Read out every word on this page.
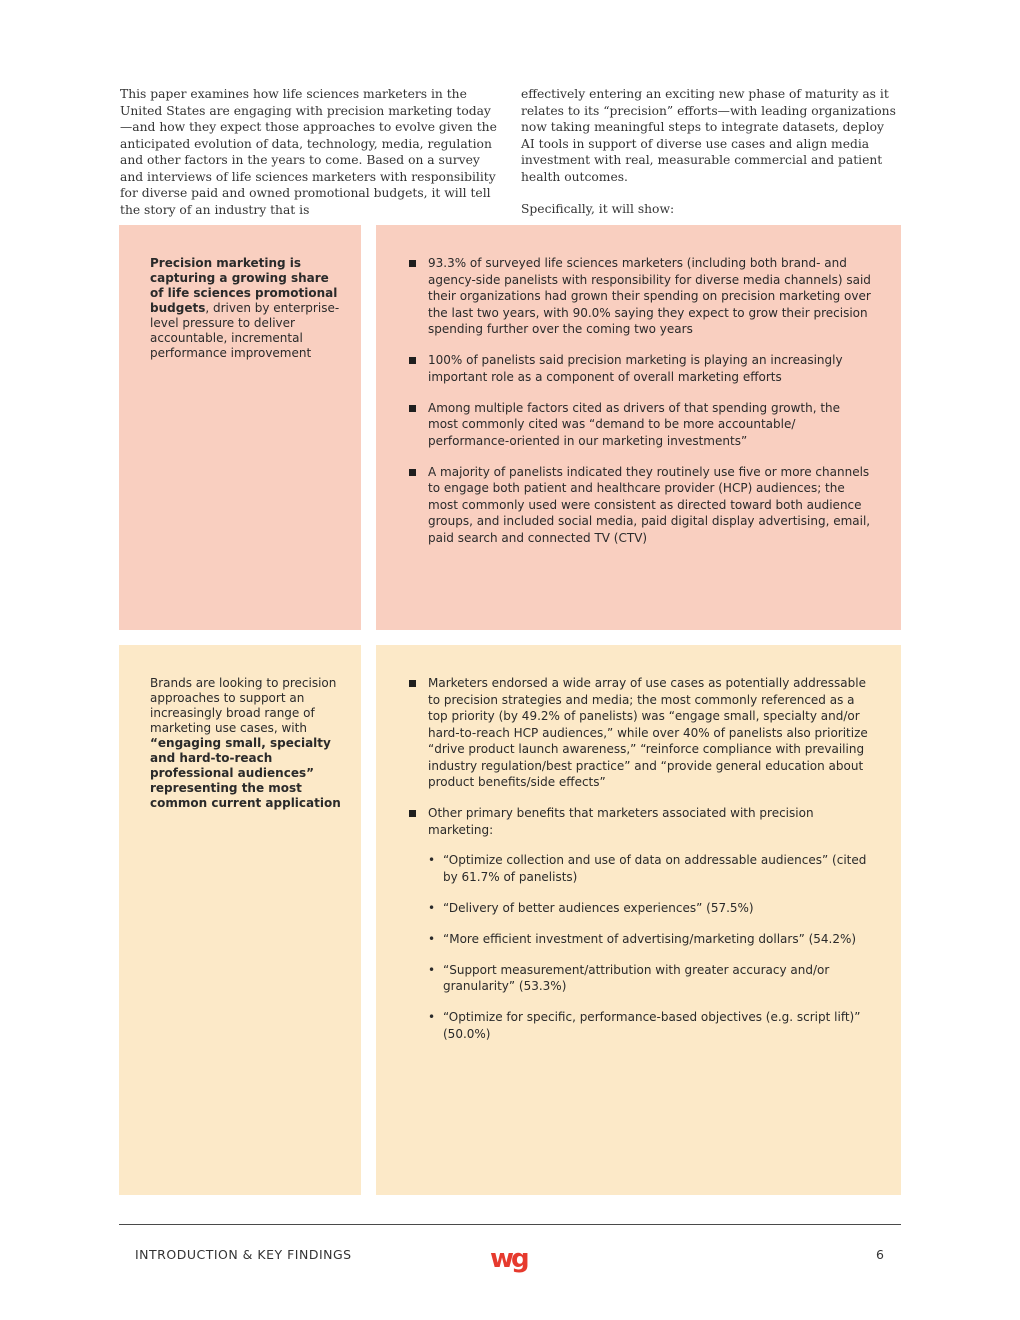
This paper examines how life sciences marketers in the United States are engaging with precision marketing today—and how they expect those approaches to evolve given the anticipated evolution of data, technology, media, regulation and other factors in the years to come. Based on a survey and interviews of life sciences marketers with responsibility for diverse paid and owned promotional budgets, it will tell the story of an industry that is

effectively entering an exciting new phase of maturity as it relates to its “precision” efforts—with leading organizations now taking meaningful steps to integrate datasets, deploy AI tools in support of diverse use cases and align media investment with real, measurable commercial and patient health outcomes.

Specifically, it will show:

Precision marketing is capturing a growing share of life sciences promotional budgets, driven by enterprise-level pressure to deliver accountable, incremental performance improvement
93.3% of surveyed life sciences marketers (including both brand- and agency-side panelists with responsibility for diverse media channels) said their organizations had grown their spending on precision marketing over the last two years, with 90.0% saying they expect to grow their precision spending further over the coming two years
100% of panelists said precision marketing is playing an increasingly important role as a component of overall marketing efforts
Among multiple factors cited as drivers of that spending growth, the most commonly cited was “demand to be more accountable/ performance-oriented in our marketing investments”
A majority of panelists indicated they routinely use five or more channels to engage both patient and healthcare provider (HCP) audiences; the most commonly used were consistent as directed toward both audience groups, and included social media, paid digital display advertising, email, paid search and connected TV (CTV)
Brands are looking to precision approaches to support an increasingly broad range of marketing use cases, with “engaging small, specialty and hard-to-reach professional audiences” representing the most common current application
Marketers endorsed a wide array of use cases as potentially addressable to precision strategies and media; the most commonly referenced as a top priority (by 49.2% of panelists) was “engage small, specialty and/or hard-to-reach HCP audiences,” while over 40% of panelists also prioritize “drive product launch awareness,” “reinforce compliance with prevailing industry regulation/best practice” and “provide general education about product benefits/side effects”
Other primary benefits that marketers associated with precision marketing:
• “Optimize collection and use of data on addressable audiences” (cited by 61.7% of panelists)
• “Delivery of better audiences experiences” (57.5%)
• “More efficient investment of advertising/marketing dollars” (54.2%)
• “Support measurement/attribution with greater accuracy and/or granularity” (53.3%)
• “Optimize for specific, performance-based objectives (e.g. script lift)” (50.0%)
INTRODUCTION & KEY FINDINGS	wg	6
